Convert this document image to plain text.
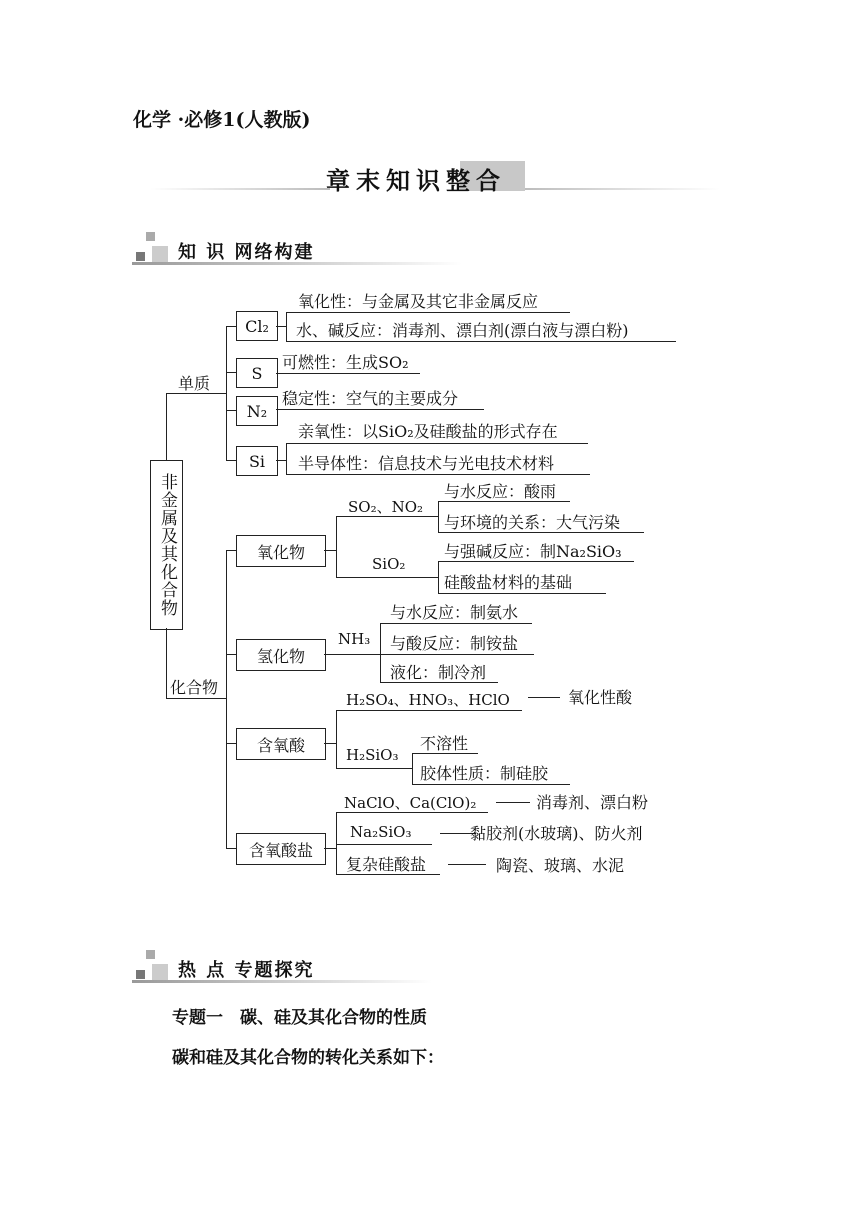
化学 ·必修1(人教版)
章末知识整合
知 识 网络构建
非金属及其化合物
单质
Cl₂
氧化性：与金属及其它非金属反应
水、碱反应：消毒剂、漂白剂(漂白液与漂白粉)
S
可燃性：生成SO₂
N₂
稳定性：空气的主要成分
Si
亲氧性：以SiO₂及硅酸盐的形式存在
半导体性：信息技术与光电技术材料
化合物
氧化物
SO₂、NO₂
与水反应：酸雨
与环境的关系：大气污染
SiO₂
与强碱反应：制Na₂SiO₃
硅酸盐材料的基础
氢化物
NH₃
与水反应：制氨水
与酸反应：制铵盐
液化：制冷剂
含氧酸
H₂SO₄、HNO₃、HClO	氧化性酸
H₂SiO₃
不溶性
胶体性质：制硅胶
含氧酸盐
NaClO、Ca(ClO)₂	消毒剂、漂白粉
Na₂SiO₃	黏胶剂(水玻璃)、防火剂
复杂硅酸盐	陶瓷、玻璃、水泥
热 点 专题探究
专题一　碳、硅及其化合物的性质
碳和硅及其化合物的转化关系如下：
